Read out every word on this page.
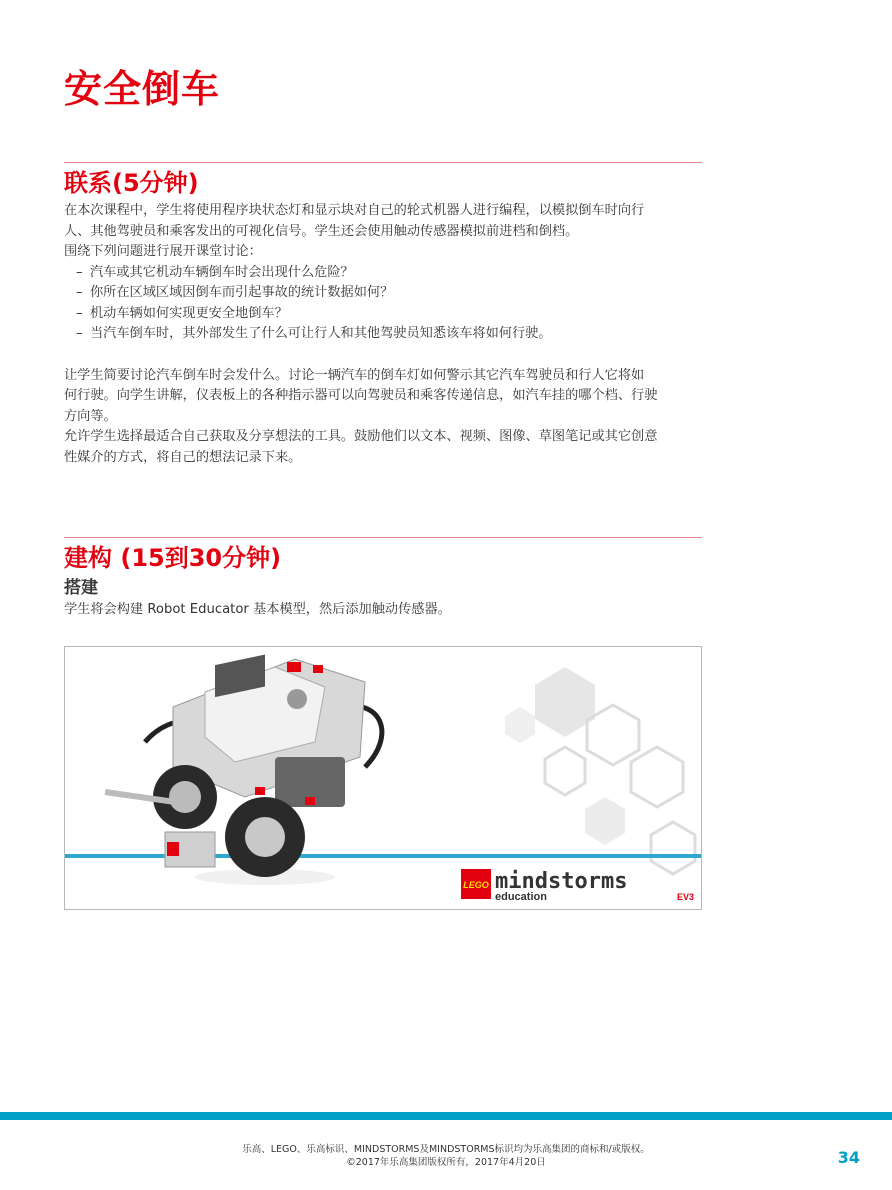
安全倒车
联系(5分钟)

在本次课程中，学生将使用程序块状态灯和显示块对自己的轮式机器人进行编程，以模拟倒车时向行

人、其他驾驶员和乘客发出的可视化信号。学生还会使用触动传感器模拟前进档和倒档。

围绕下列问题进行展开课堂讨论：

– 汽车或其它机动车辆倒车时会出现什么危险？
– 你所在区域区域因倒车而引起事故的统计数据如何？
– 机动车辆如何实现更安全地倒车？
– 当汽车倒车时，其外部发生了什么可让行人和其他驾驶员知悉该车将如何行驶。

让学生简要讨论汽车倒车时会发什么。讨论一辆汽车的倒车灯如何警示其它汽车驾驶员和行人它将如

何行驶。向学生讲解，仪表板上的各种指示器可以向驾驶员和乘客传递信息，如汽车挂的哪个档、行驶

方向等。

允许学生选择最适合自己获取及分享想法的工具。鼓励他们以文本、视频、图像、草图笔记或其它创意

性媒介的方式，将自己的想法记录下来。

建构 (15到30分钟)
搭建

学生将会构建 Robot Educator 基本模型，然后添加触动传感器。

LEGO mindstorms
education	EV3
乐高、LEGO、乐高标识、MINDSTORMS及MINDSTORMS标识均为乐高集团的商标和/或版权。
©2017年乐高集团版权所有，2017年4月20日	34
